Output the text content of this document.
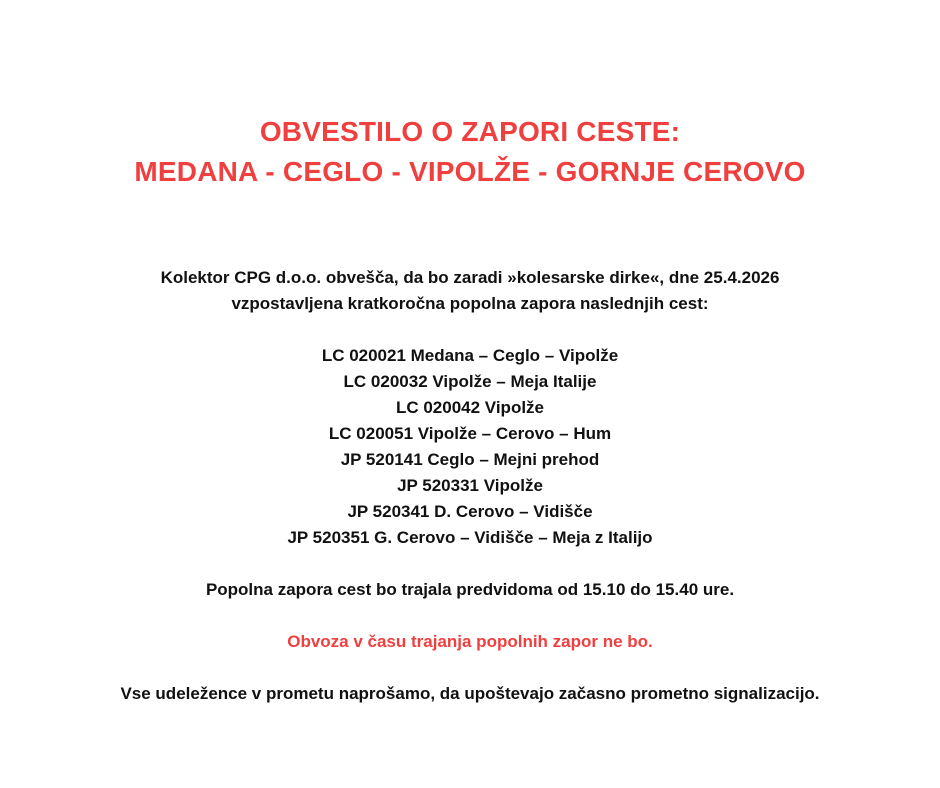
OBVESTILO O ZAPORI CESTE:
MEDANA - CEGLO - VIPOLŽE - GORNJE CEROVO
Kolektor CPG d.o.o. obvešča, da bo zaradi »kolesarske dirke«, dne 25.4.2026
vzpostavljena kratkoročna popolna zapora naslednjih cest:
LC 020021 Medana – Ceglo – Vipolže
LC 020032 Vipolže – Meja Italije
LC 020042 Vipolže
LC 020051 Vipolže – Cerovo – Hum
JP 520141 Ceglo – Mejni prehod
JP 520331 Vipolže
JP 520341 D. Cerovo – Vidišče
JP 520351 G. Cerovo – Vidišče – Meja z Italijo
Popolna zapora cest bo trajala predvidoma od 15.10 do 15.40 ure.
Obvoza v času trajanja popolnih zapor ne bo.
Vse udeležence v prometu naprošamo, da upoštevajo začasno prometno signalizacijo.
